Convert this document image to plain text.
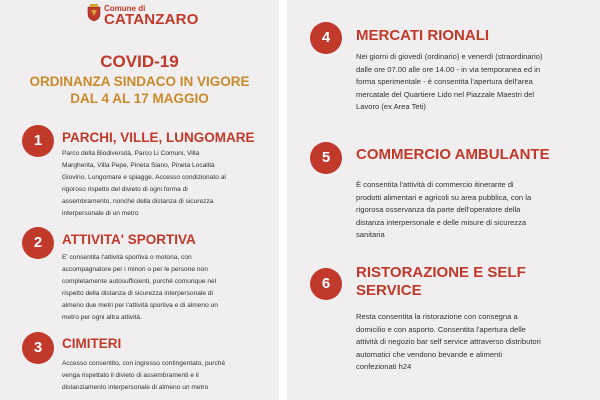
Comune di
CATANZARO
COVID-19
ORDINANZA SINDACO IN VIGORE
DAL 4 AL 17 MAGGIO
1	PARCHI, VILLE, LUNGOMARE
Parco della Biodiversità, Parco Li Comuni, Villa
Margherita, Villa Pepe, Pineta Siano, Pineta Località
Giovino, Lungomare e spiagge. Accesso condizionato al
rigoroso rispetto del divieto di ogni forma di
assembramento, nonché della distanza di sicurezza
interpersonale di un metro
2	ATTIVITA' SPORTIVA
E' consentita l'attività sportiva o motoria, con
accompagnatore per i minori o per le persone non
completamente autosufficienti, purché comunque nel
rispetto della distanza di sicurezza interpersonale di
almeno due metri per l'attività sportiva e di almeno un
metro per ogni altra attività.
3	CIMITERI
Accesso consentito, con ingresso contingentato, purché
venga rispettato il divieto di assembramenti e il
distanziamento interpersonale di almeno un metro
4	MERCATI RIONALI
Nei giorni di giovedì (ordinario) e venerdì (straordinario)
dalle ore 07.00 alle ore 14.00 - in via temporanea ed in
forma sperimentale - è consentita l'apertura dell'area
mercatale del Quartiere Lido nel Piazzale Maestri del
Lavoro (ex Area Teti)
5	COMMERCIO AMBULANTE
È consentita l'attività di commercio itinerante di
prodotti alimentari e agricoli su area pubblica, con la
rigorosa osservanza da parte dell'operatore della
distanza interpersonale e delle misure di sicurezza
sanitaria
6
RISTORAZIONE E SELF
SERVICE
Resta consentita la ristorazione con consegna a
domicilio e con asporto. Consentita l'apertura delle
attività di negozio bar self service attraverso distributori
automatici che vendono bevande e alimenti
confezionati h24
